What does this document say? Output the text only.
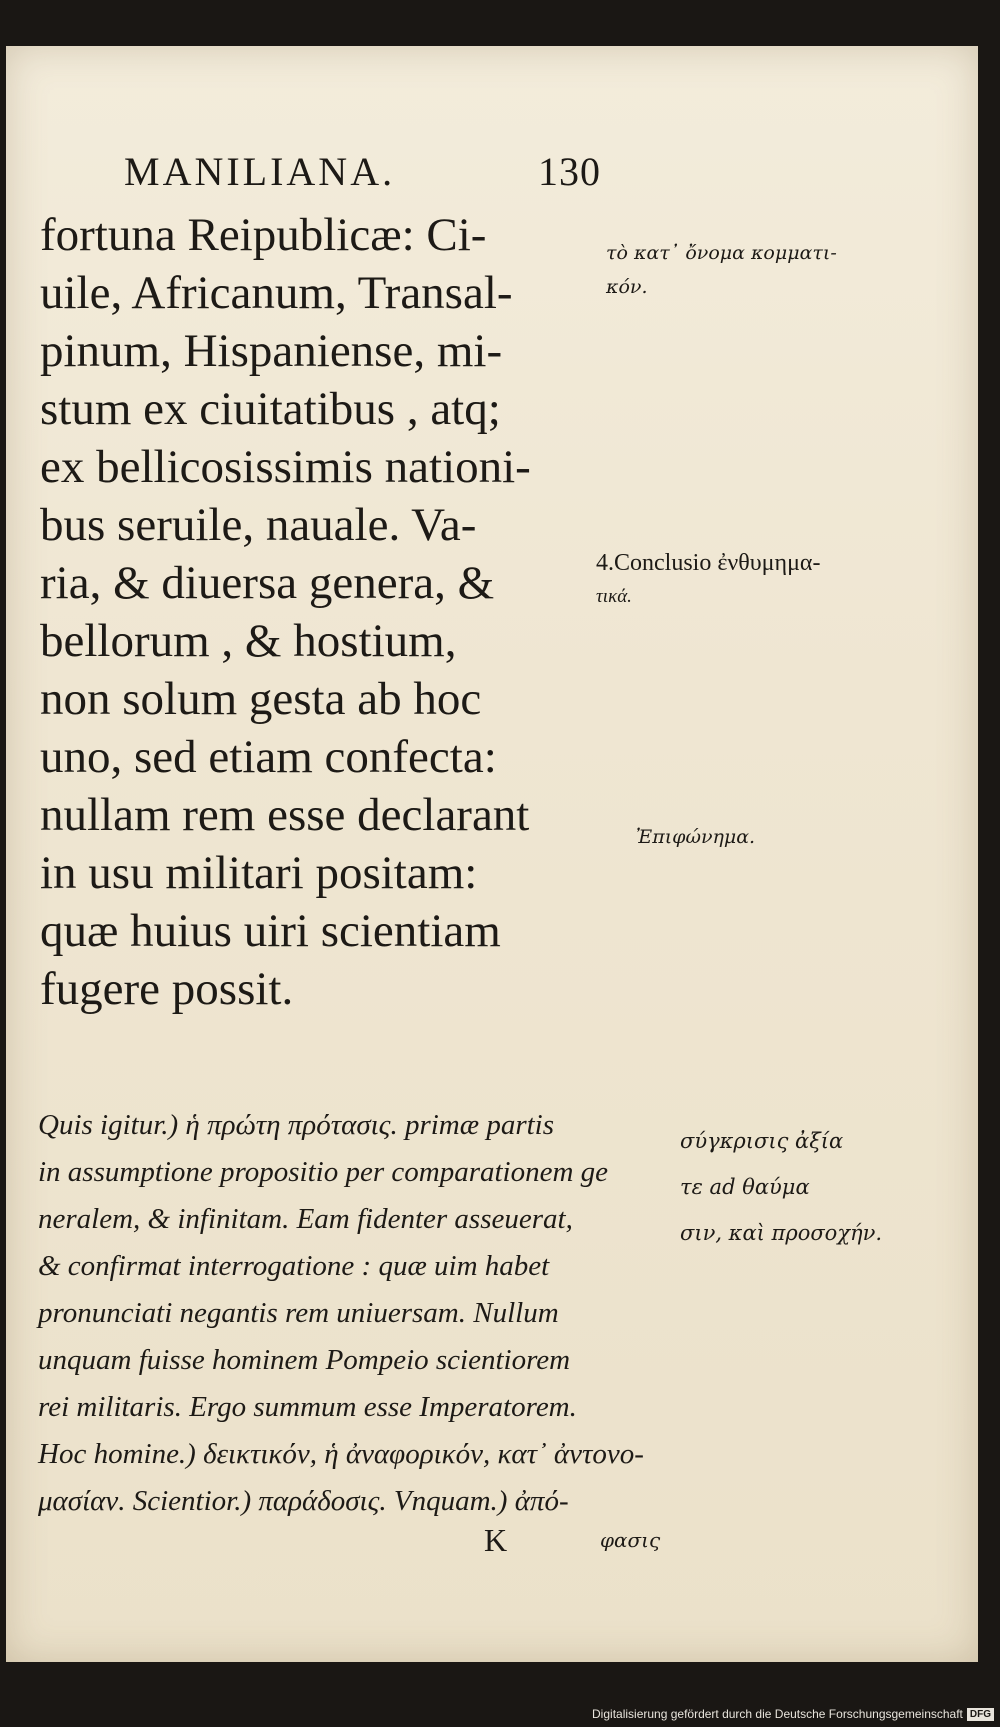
MANILIANA.	130
fortuna Reipublicæ: Ci-
uile, Africanum, Transal-
pinum, Hispaniense, mi-
stum ex ciuitatibus , atq;
ex bellicosissimis nationi-
bus seruile, nauale. Va-
ria, & diuersa genera, &
bellorum , & hostium,
non solum gesta ab hoc
uno, sed etiam confecta:
nullam rem esse declarant
in usu militari positam:
quæ huius uiri scientiam
fugere possit.
τὸ κατ᾽ ὄνομα κομματι-
κόν.
4.Conclusio ἐνθυμημα-
τικά.
Ἐπιφώνημα.
σύγκρισις ἀξία
τε ad θαύμα
σιν, καὶ προσοχήν.
Quis igitur.) ἡ πρώτη πρότασις. primæ partis
in assumptione propositio per comparationem ge
neralem, & infinitam. Eam fidenter asseuerat,
& confirmat interrogatione : quæ uim habet
pronunciati negantis rem uniuersam. Nullum
unquam fuisse hominem Pompeio scientiorem
rei militaris. Ergo summum esse Imperatorem.
Hoc homine.) δεικτικόν, ἡ ἀναφορικόν, κατ᾽ ἀντονο-
μασίαν. Scientior.) παράδοσις. Vnquam.) ἀπό-
K	φασις
Digitalisierung gefördert durch die Deutsche Forschungsgemeinschaft DFG
